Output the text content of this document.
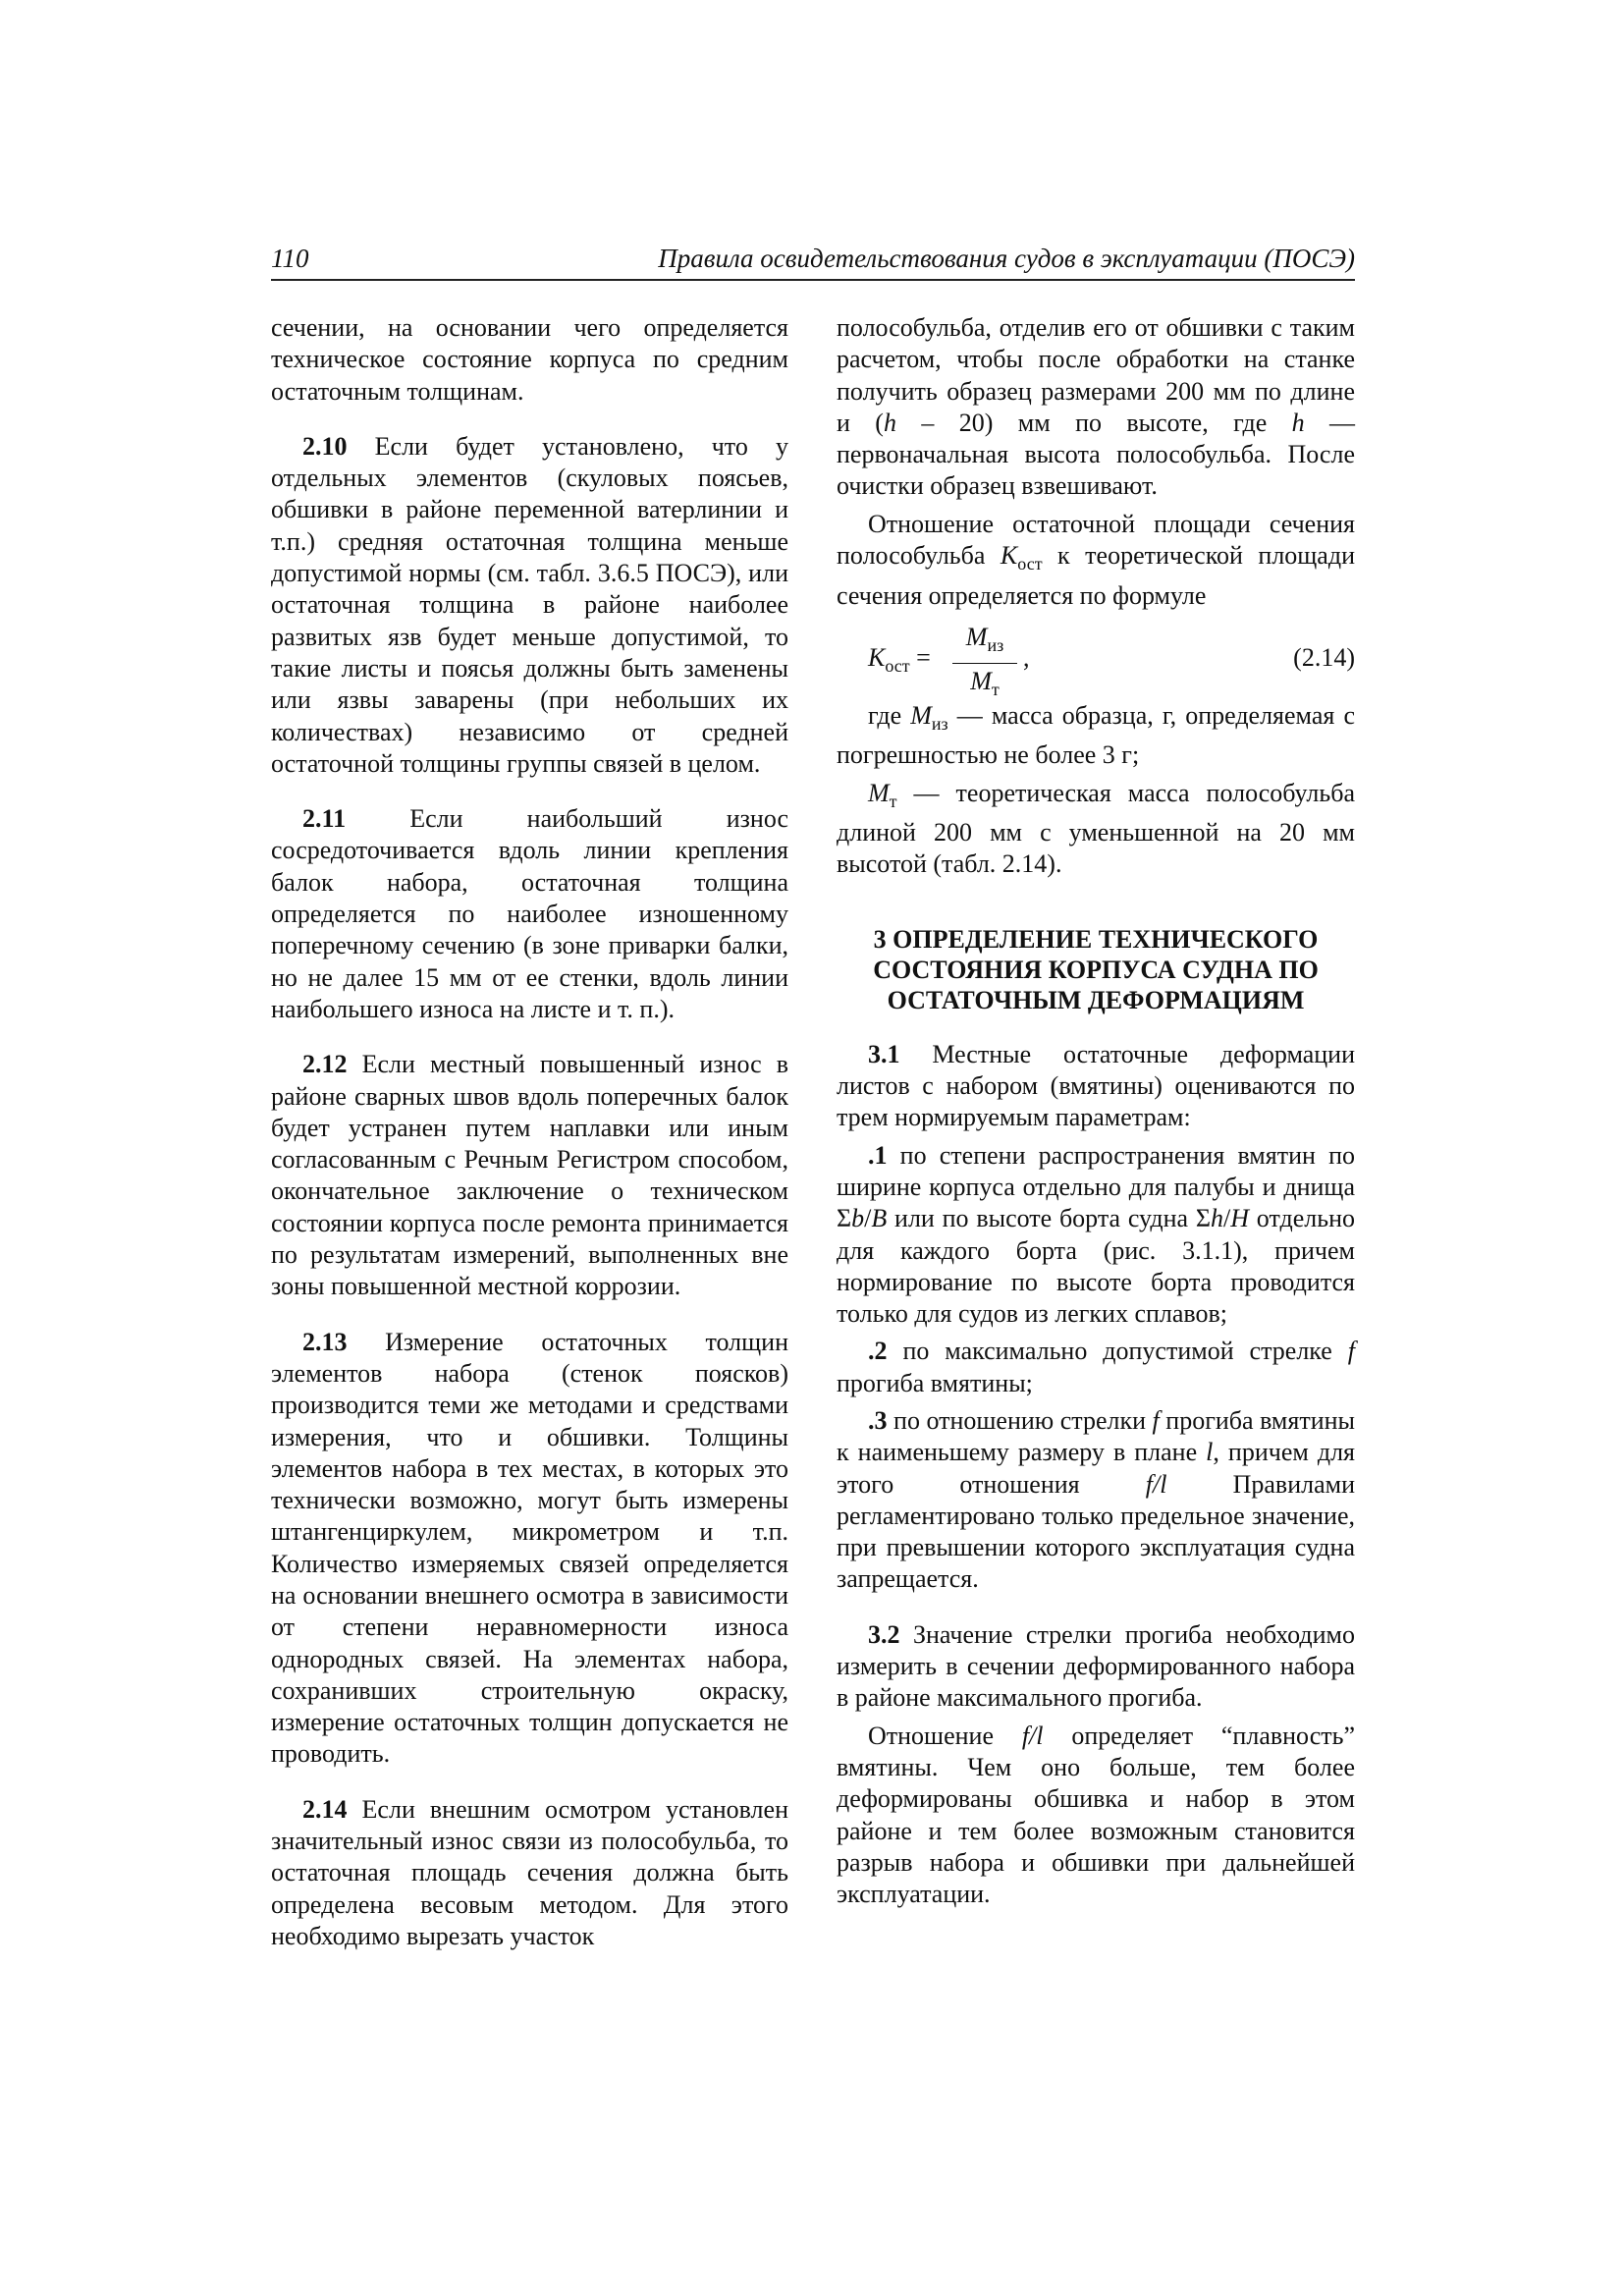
110	Правила освидетельствования судов в эксплуатации (ПОСЭ)

сечении, на основании чего определяется техническое состояние корпуса по средним остаточным толщинам.

2.10 Если будет установлено, что у отдельных элементов (скуловых поясьев, обшивки в районе переменной ватерлинии и т.п.) средняя остаточная толщина меньше допустимой нормы (см. табл. 3.6.5 ПОСЭ), или остаточная толщина в районе наиболее развитых язв будет меньше допустимой, то такие листы и поясья должны быть заменены или язвы заварены (при небольших их количествах) независимо от средней остаточной толщины группы связей в целом.

2.11 Если наибольший износ сосредоточивается вдоль линии крепления балок набора, остаточная толщина определяется по наиболее изношенному поперечному сечению (в зоне приварки балки, но не далее 15 мм от ее стенки, вдоль линии наибольшего износа на листе и т. п.).

2.12 Если местный повышенный износ в районе сварных швов вдоль поперечных балок будет устранен путем наплавки или иным согласованным с Речным Регистром способом, окончательное заключение о техническом состоянии корпуса после ремонта принимается по результатам измерений, выполненных вне зоны повышенной местной коррозии.

2.13 Измерение остаточных толщин элементов набора (стенок поясков) производится теми же методами и средствами измерения, что и обшивки. Толщины элементов набора в тех местах, в которых это технически возможно, могут быть измерены штангенциркулем, микрометром и т.п. Количество измеряемых связей определяется на основании внешнего осмотра в зависимости от степени неравномерности износа однородных связей. На элементах набора, сохранивших строительную окраску, измерение остаточных толщин допускается не проводить.

2.14 Если внешним осмотром установлен значительный износ связи из полособульба, то остаточная площадь сечения должна быть определена весовым методом. Для этого необходимо вырезать участок

полособульба, отделив его от обшивки с таким расчетом, чтобы после обработки на станке получить образец размерами 200 мм по длине и (h – 20) мм по высоте, где h — первоначальная высота полособульба. После очистки образец взвешивают.

Отношение остаточной площади сечения полособульба $K_{ост}$ к теоретической площади сечения определяется по формуле

$K_{ост}$ =
$M_{из}$
$M_т$
,	(2.14)

где $M_{из}$ — масса образца, г, определяемая с погрешностью не более 3 г;

$M_т$ — теоретическая масса полособульба длиной 200 мм с уменьшенной на 20 мм высотой (табл. 2.14).

3 ОПРЕДЕЛЕНИЕ ТЕХНИЧЕСКОГО
СОСТОЯНИЯ КОРПУСА СУДНА ПО
ОСТАТОЧНЫМ ДЕФОРМАЦИЯМ

3.1 Местные остаточные деформации листов с набором (вмятины) оцениваются по трем нормируемым параметрам:

.1 по степени распространения вмятин по ширине корпуса отдельно для палубы и днища Σb/B или по высоте борта судна Σh/H отдельно для каждого борта (рис. 3.1.1), причем нормирование по высоте борта проводится только для судов из легких сплавов;

.2 по максимально допустимой стрелке f прогиба вмятины;

.3 по отношению стрелки f прогиба вмятины к наименьшему размеру в плане l, причем для этого отношения f/l Правилами регламентировано только предельное значение, при превышении которого эксплуатация судна запрещается.

3.2 Значение стрелки прогиба необходимо измерить в сечении деформированного набора в районе максимального прогиба.

Отношение f/l определяет “плавность” вмятины. Чем оно больше, тем более деформированы обшивка и набор в этом районе и тем более возможным становится разрыв набора и обшивки при дальнейшей эксплуатации.
